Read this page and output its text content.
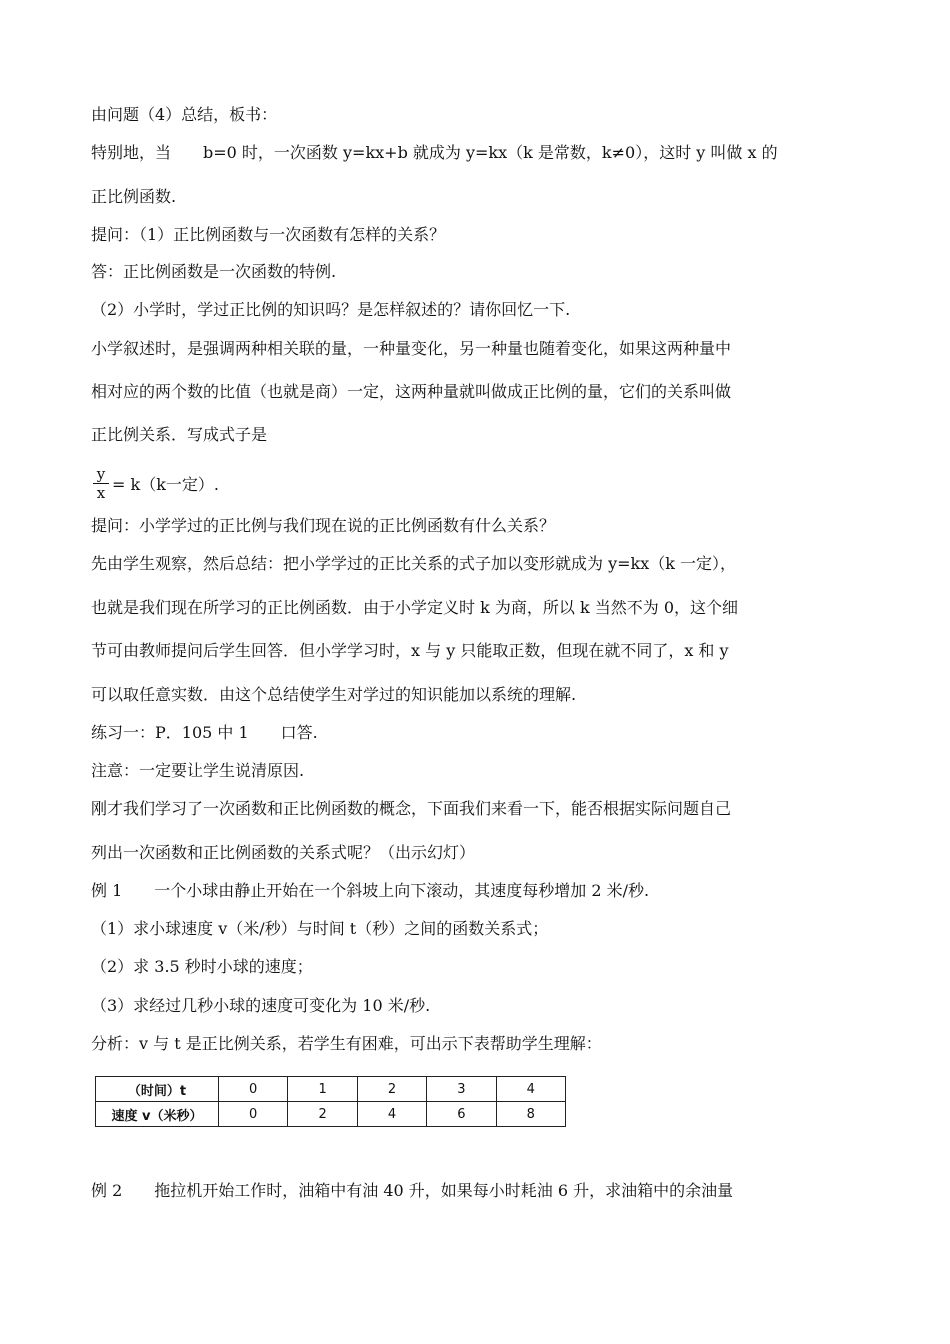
由问题（4）总结，板书：
特别地，当　　b=0 时，一次函数 y=kx+b 就成为 y=kx（k 是常数，k≠0），这时 y 叫做 x 的
正比例函数.
提问：（1）正比例函数与一次函数有怎样的关系？
答：正比例函数是一次函数的特例.
（2）小学时，学过正比例的知识吗？是怎样叙述的？请你回忆一下.
小学叙述时，是强调两种相关联的量，一种量变化，另一种量也随着变化，如果这两种量中
相对应的两个数的比值（也就是商）一定，这两种量就叫做成正比例的量，它们的关系叫做
正比例关系．写成式子是
$\frac{y}{x} = k(k$一定）.
提问：小学学过的正比例与我们现在说的正比例函数有什么关系？
先由学生观察，然后总结：把小学学过的正比关系的式子加以变形就成为 y=kx（k 一定），
也就是我们现在所学习的正比例函数．由于小学定义时 k 为商，所以 k 当然不为 0，这个细
节可由教师提问后学生回答．但小学学习时，x 与 y 只能取正数，但现在就不同了，x 和 y
可以取任意实数．由这个总结使学生对学过的知识能加以系统的理解.
练习一：P．105 中 1　　口答.
注意：一定要让学生说清原因.
刚才我们学习了一次函数和正比例函数的概念，下面我们来看一下，能否根据实际问题自己
列出一次函数和正比例函数的关系式呢？（出示幻灯）
例 1　　一个小球由静止开始在一个斜坡上向下滚动，其速度每秒增加 2 米/秒.
（1）求小球速度 v（米/秒）与时间 t（秒）之间的函数关系式；
（2）求 3.5 秒时小球的速度；
（3）求经过几秒小球的速度可变化为 10 米/秒.
分析：v 与 t 是正比例关系，若学生有困难，可出示下表帮助学生理解：
（时间）t	0	1	2	3	4
速度 v（米秒）	0	2	4	6	8
例 2　　拖拉机开始工作时，油箱中有油 40 升，如果每小时耗油 6 升，求油箱中的余油量
